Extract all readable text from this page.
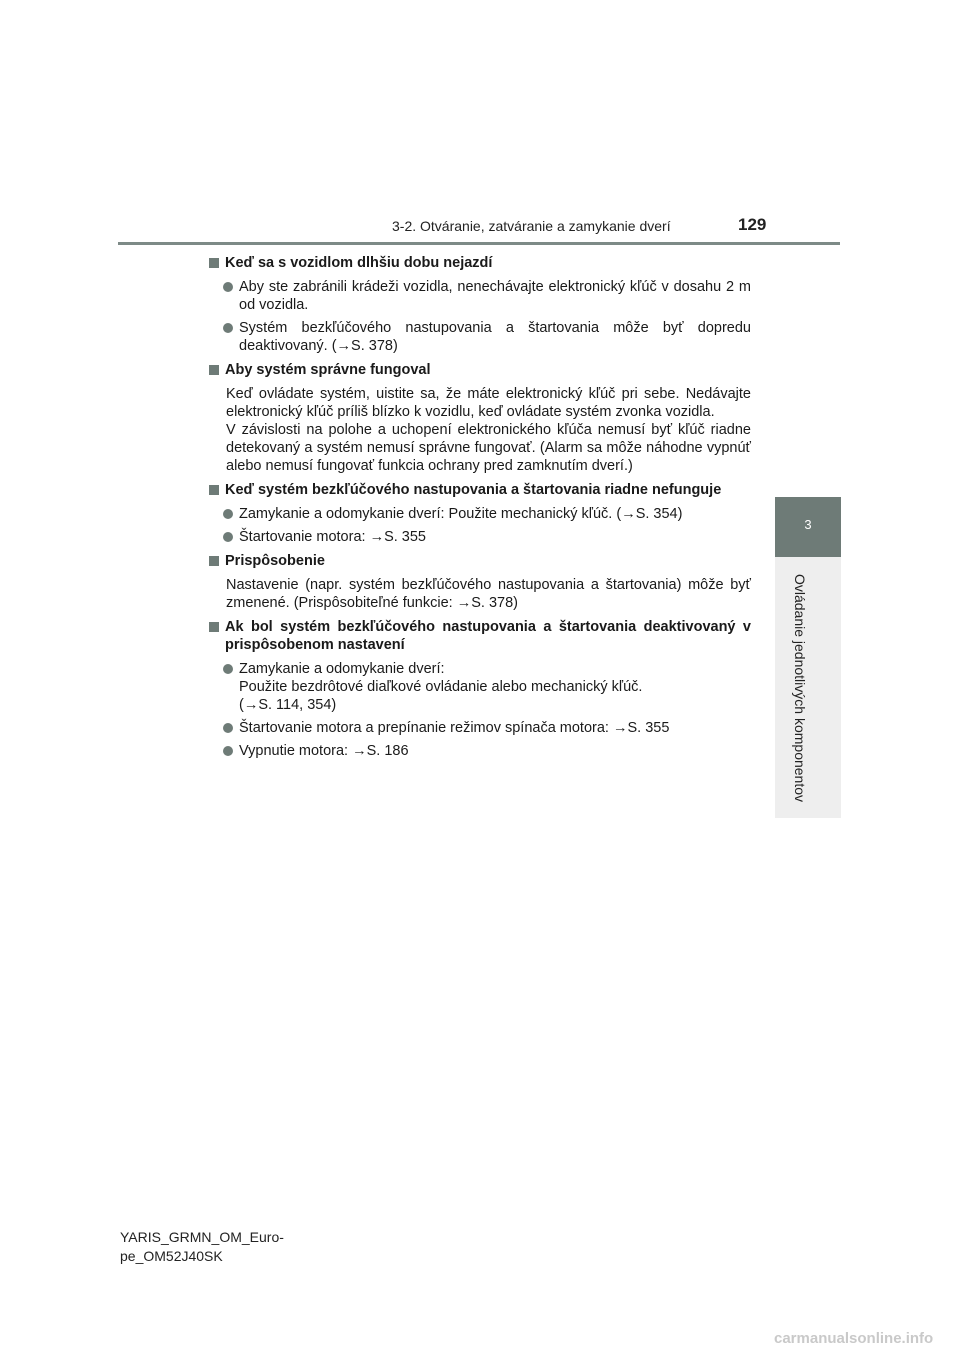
3-2. Otváranie, zatváranie a zamykanie dverí	129
3
Ovládanie jednotlivých komponentov
Keď sa s vozidlom dlhšiu dobu nejazdí
Aby ste zabránili krádeži vozidla, nenechávajte elektronický kľúč v dosahu 2 m od vozidla.
Systém bezkľúčového nastupovania a štartovania môže byť dopredu deaktivovaný. (→S. 378)
Aby systém správne fungoval
Keď ovládate systém, uistite sa, že máte elektronický kľúč pri sebe. Nedávajte elektronický kľúč príliš blízko k vozidlu, keď ovládate systém zvonka vozidla.
V závislosti na polohe a uchopení elektronického kľúča nemusí byť kľúč riadne detekovaný a systém nemusí správne fungovať. (Alarm sa môže náhodne vypnúť alebo nemusí fungovať funkcia ochrany pred zamknutím dverí.)
Keď systém bezkľúčového nastupovania a štartovania riadne nefunguje
Zamykanie a odomykanie dverí: Použite mechanický kľúč. (→S. 354)
Štartovanie motora: →S. 355
Prispôsobenie
Nastavenie (napr. systém bezkľúčového nastupovania a štartovania) môže byť zmenené. (Prispôsobiteľné funkcie: →S. 378)
Ak bol systém bezkľúčového nastupovania a štartovania deaktivovaný v prispôsobenom nastavení
Zamykanie a odomykanie dverí:
Použite bezdrôtové diaľkové ovládanie alebo mechanický kľúč.
(→S. 114, 354)
Štartovanie motora a prepínanie režimov spínača motora: →S. 355
Vypnutie motora: →S. 186
YARIS_GRMN_OM_Euro-
pe_OM52J40SK
carmanualsonline.info
